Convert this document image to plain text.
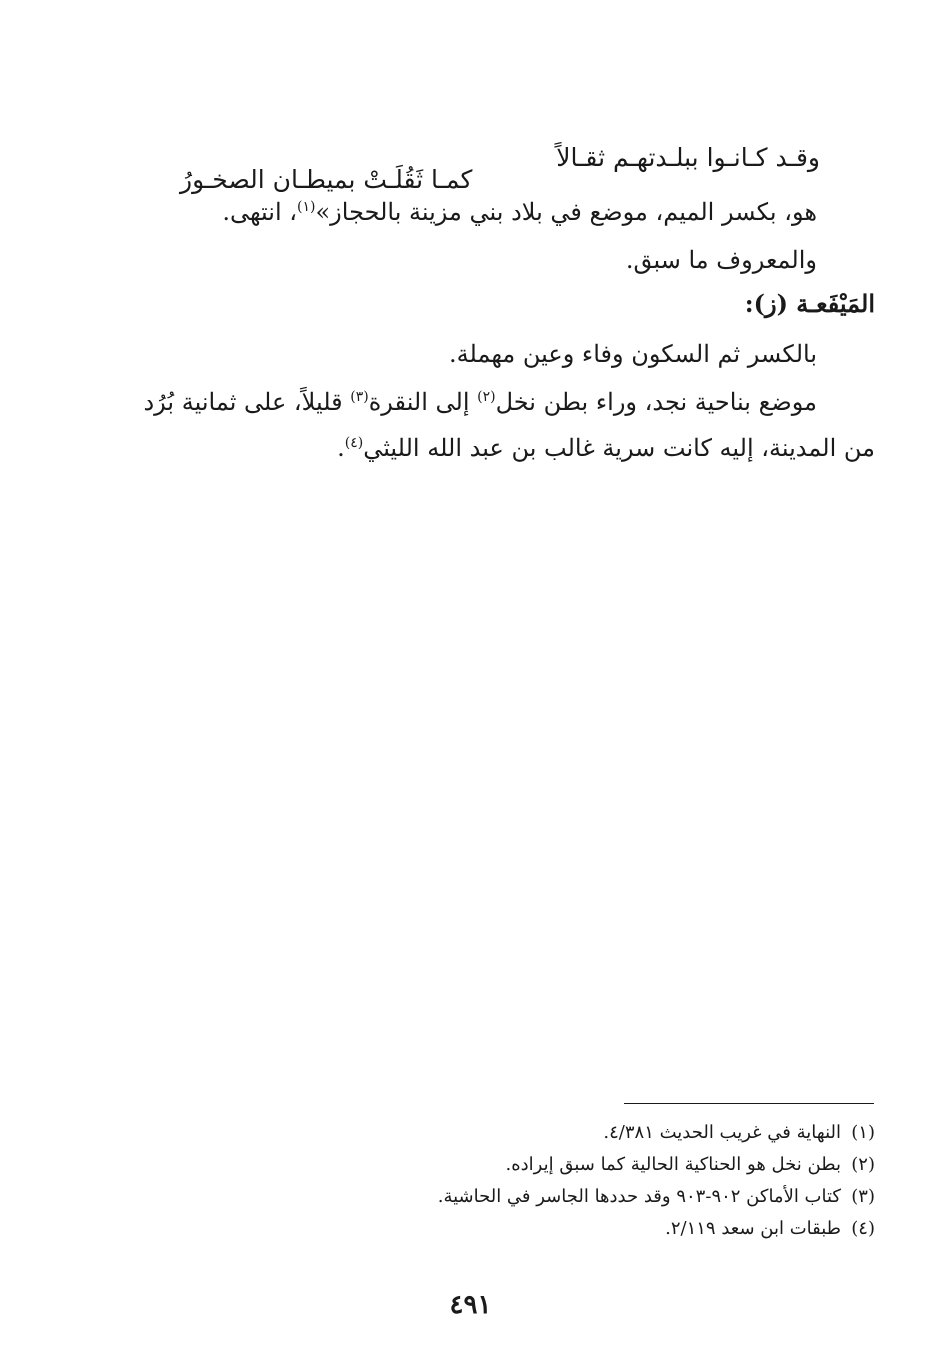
وقـد كـانـوا ببلـدتهـم ثقـالاً
كمـا ثَقُلَـتْ بميطـان الصخـورُ
هو، بكسر الميم، موضع في بلاد بني مزينة بالحجاز»$^{(١)}$، انتهى.
والمعروف ما سبق.
المَيْفَعـة (ز):
بالكسر ثم السكون وفاء وعين مهملة.
موضع بناحية نجد، وراء بطن نخل$^{(٢)}$ إلى النقرة$^{(٣)}$ قليلاً، على ثمانية بُرُد
من المدينة، إليه كانت سرية غالب بن عبد الله الليثي$^{(٤)}$.
(١)النهاية في غريب الحديث ٤/٣٨١.
(٢)بطن نخل هو الحناكية الحالية كما سبق إيراده.
(٣)كتاب الأماكن ٩٠٢-٩٠٣ وقد حددها الجاسر في الحاشية.
(٤)طبقات ابن سعد ٢/١١٩.
٤٩١
